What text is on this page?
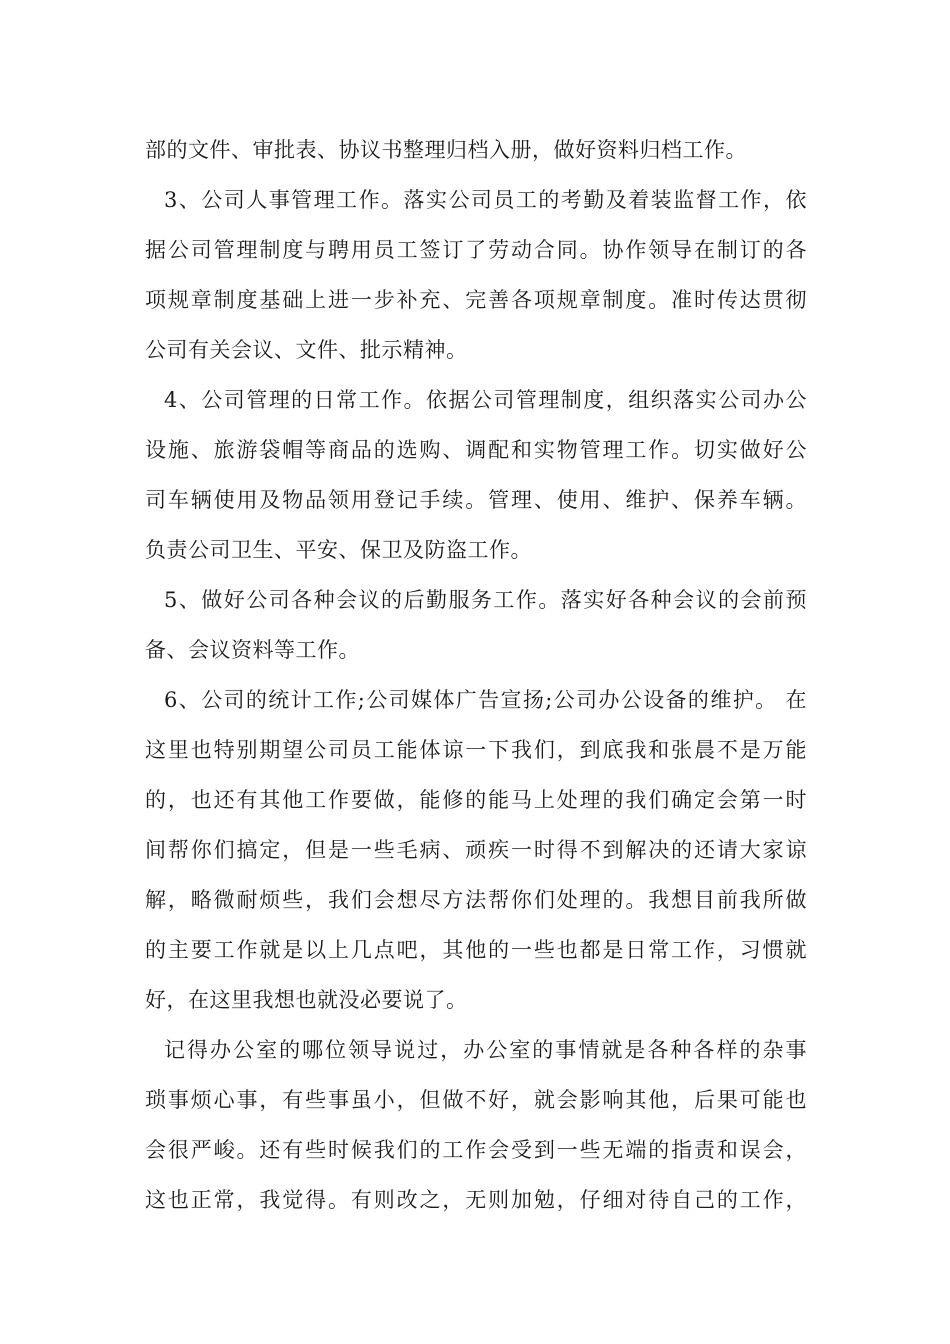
部的文件、审批表、协议书整理归档入册，做好资料归档工作。
3、公司人事管理工作。落实公司员工的考勤及着装监督工作，依
据公司管理制度与聘用员工签订了劳动合同。协作领导在制订的各
项规章制度基础上进一步补充、完善各项规章制度。准时传达贯彻
公司有关会议、文件、批示精神。
4、公司管理的日常工作。依据公司管理制度，组织落实公司办公
设施、旅游袋帽等商品的选购、调配和实物管理工作。切实做好公
司车辆使用及物品领用登记手续。管理、使用、维护、保养车辆。
负责公司卫生、平安、保卫及防盗工作。
5、做好公司各种会议的后勤服务工作。落实好各种会议的会前预
备、会议资料等工作。
6、公司的统计工作;公司媒体广告宣扬;公司办公设备的维护。 在
这里也特别期望公司员工能体谅一下我们，到底我和张晨不是万能
的，也还有其他工作要做，能修的能马上处理的我们确定会第一时
间帮你们搞定，但是一些毛病、顽疾一时得不到解决的还请大家谅
解，略微耐烦些，我们会想尽方法帮你们处理的。我想目前我所做
的主要工作就是以上几点吧，其他的一些也都是日常工作，习惯就
好，在这里我想也就没必要说了。
记得办公室的哪位领导说过，办公室的事情就是各种各样的杂事
琐事烦心事，有些事虽小，但做不好，就会影响其他，后果可能也
会很严峻。还有些时候我们的工作会受到一些无端的指责和误会，
这也正常，我觉得。有则改之，无则加勉，仔细对待自己的工作，
